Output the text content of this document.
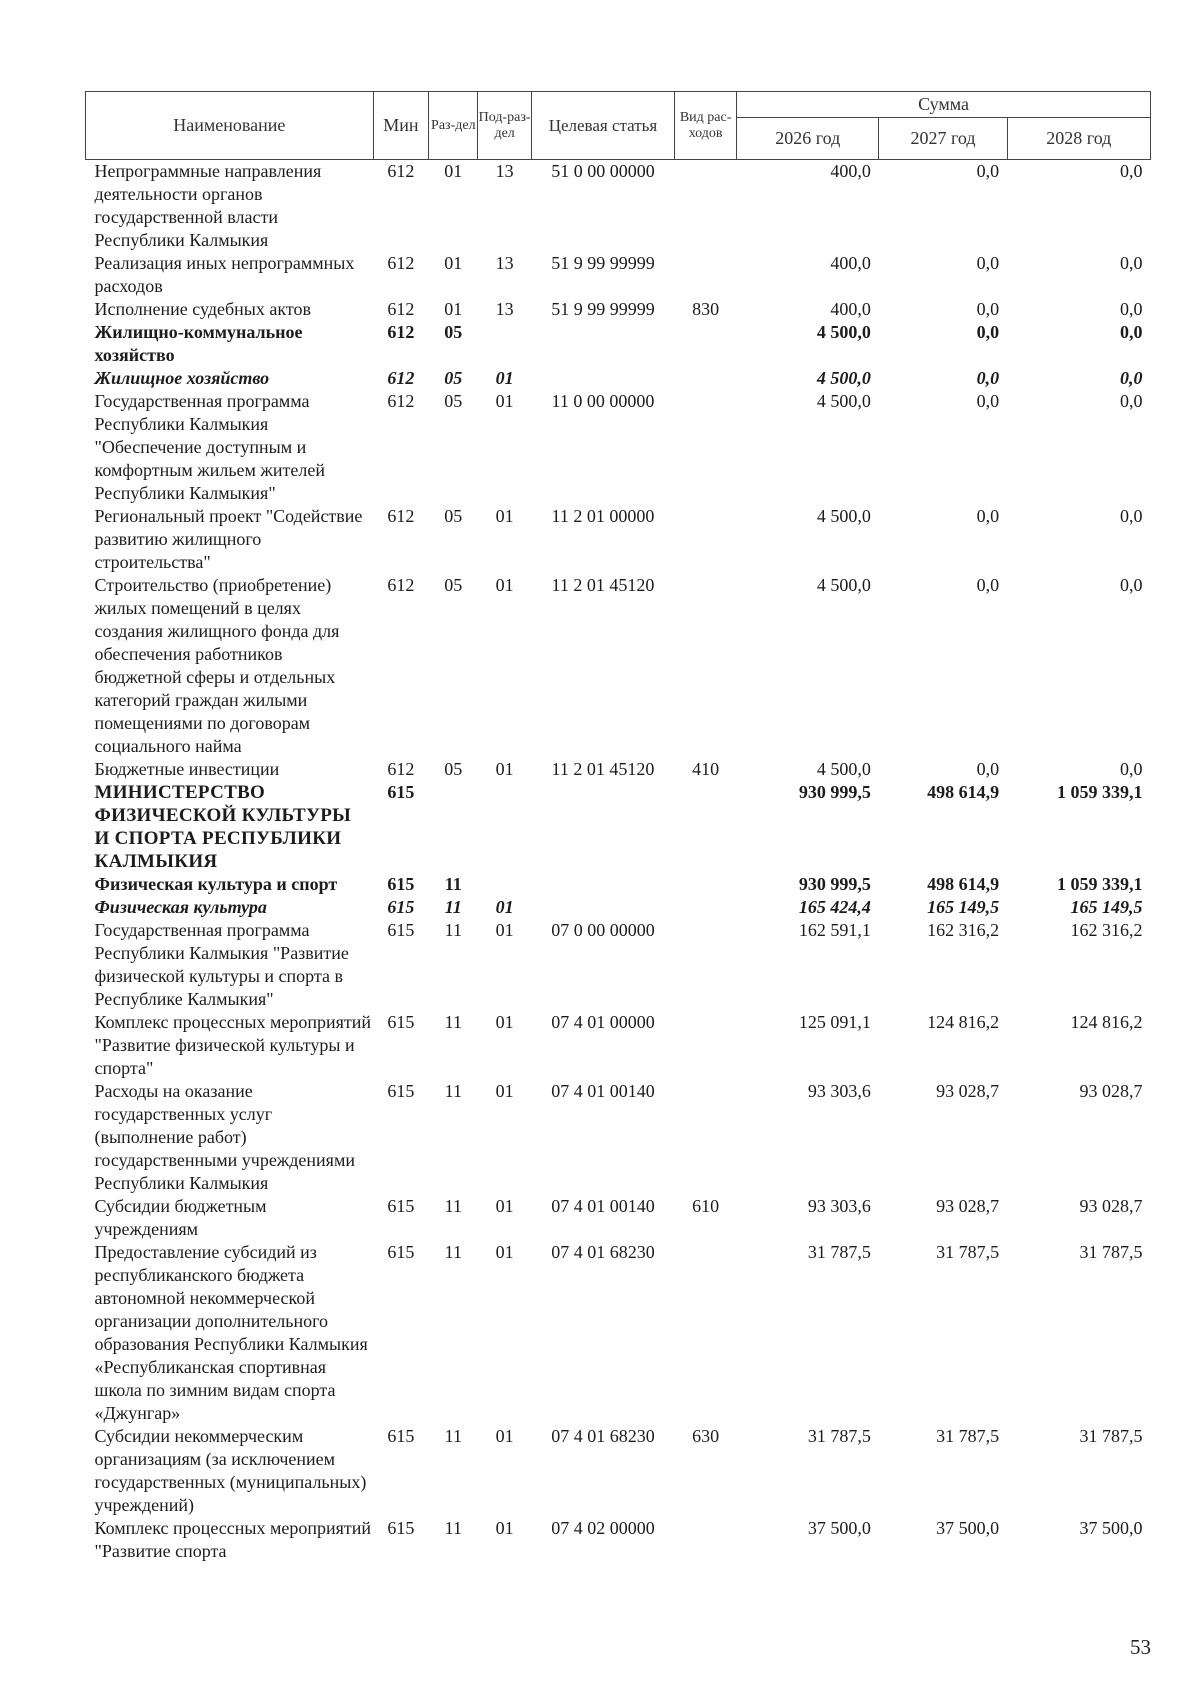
Наименование	Мин	Раз-дел	Под-раз-дел	Целевая статья	Вид рас-ходов	Сумма		
						2026 год	2027 год	2028 год
Непрограммные направления деятельности органов государственной власти Республики Калмыкия	612	01	13	51 0 00 00000		400,0	0,0	0,0
Реализация иных непрограммных расходов	612	01	13	51 9 99 99999		400,0	0,0	0,0
Исполнение судебных актов	612	01	13	51 9 99 99999	830	400,0	0,0	0,0
Жилищно-коммунальное хозяйство	612	05				4 500,0	0,0	0,0
Жилищное хозяйство	612	05	01			4 500,0	0,0	0,0
Государственная программа Республики Калмыкия "Обеспечение доступным и комфортным жильем жителей Республики Калмыкия"	612	05	01	11 0 00 00000		4 500,0	0,0	0,0
Региональный проект "Содействие развитию жилищного строительства"	612	05	01	11 2 01 00000		4 500,0	0,0	0,0
Строительство (приобретение) жилых помещений в целях создания жилищного фонда для обеспечения работников бюджетной сферы и отдельных категорий граждан жилыми помещениями по договорам социального найма	612	05	01	11 2 01 45120		4 500,0	0,0	0,0
Бюджетные инвестиции	612	05	01	11 2 01 45120	410	4 500,0	0,0	0,0
МИНИСТЕРСТВО ФИЗИЧЕСКОЙ КУЛЬТУРЫ И СПОРТА РЕСПУБЛИКИ КАЛМЫКИЯ	615					930 999,5	498 614,9	1 059 339,1
Физическая культура и спорт	615	11				930 999,5	498 614,9	1 059 339,1
Физическая культура	615	11	01			165 424,4	165 149,5	165 149,5
Государственная программа Республики Калмыкия "Развитие физической культуры и спорта в Республике Калмыкия"	615	11	01	07 0 00 00000		162 591,1	162 316,2	162 316,2
Комплекс процессных мероприятий "Развитие физической культуры и спорта"	615	11	01	07 4 01 00000		125 091,1	124 816,2	124 816,2
Расходы на оказание государственных услуг (выполнение работ) государственными учреждениями Республики Калмыкия	615	11	01	07 4 01 00140		93 303,6	93 028,7	93 028,7
Субсидии бюджетным учреждениям	615	11	01	07 4 01 00140	610	93 303,6	93 028,7	93 028,7
Предоставление субсидий из республиканского бюджета автономной некоммерческой организации дополнительного образования Республики Калмыкия «Республиканская спортивная школа по зимним видам спорта «Джунгар»	615	11	01	07 4 01 68230		31 787,5	31 787,5	31 787,5
Субсидии некоммерческим организациям (за исключением государственных (муниципальных) учреждений)	615	11	01	07 4 01 68230	630	31 787,5	31 787,5	31 787,5
Комплекс процессных мероприятий "Развитие спорта	615	11	01	07 4 02 00000		37 500,0	37 500,0	37 500,0
53
